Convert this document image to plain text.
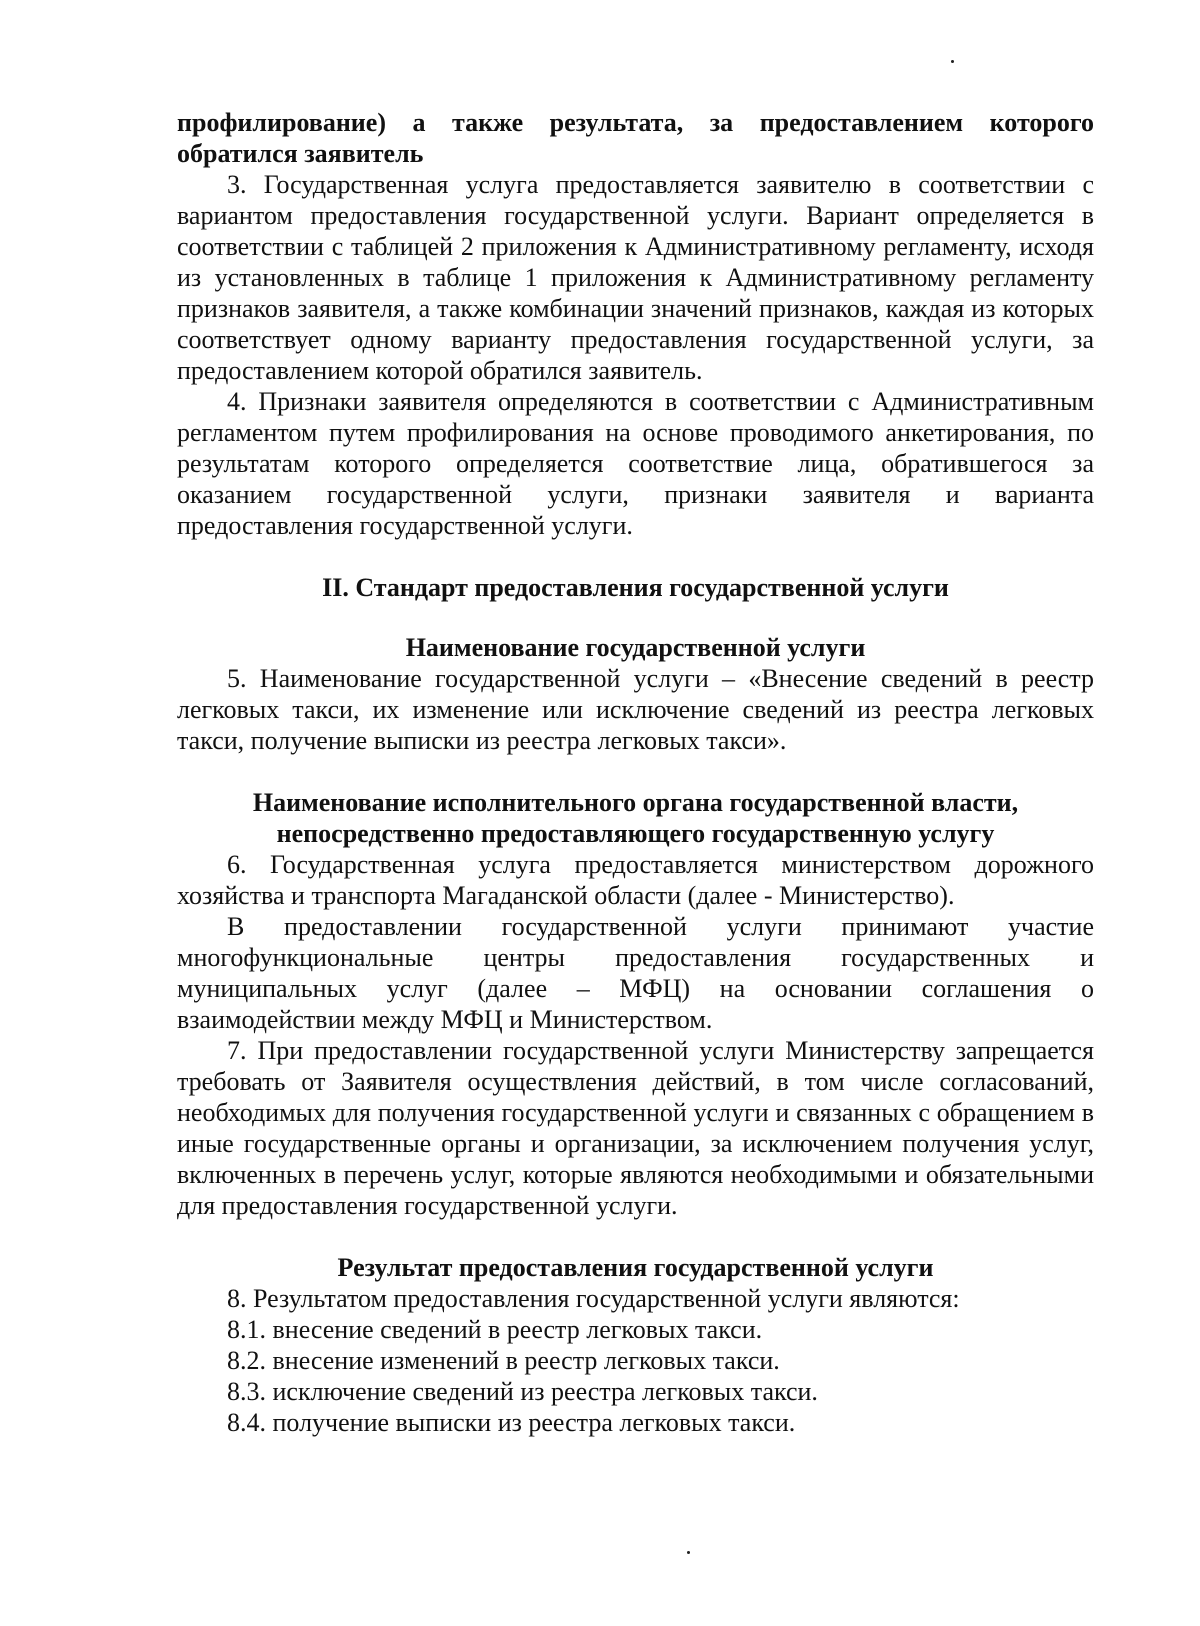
профилирование) а также результата, за предоставлением которого обратился заявитель

3. Государственная услуга предоставляется заявителю в соответствии с вариантом предоставления государственной услуги. Вариант определяется в соответствии с таблицей 2 приложения к Административному регламенту, исходя из установленных в таблице 1 приложения к Административному регламенту признаков заявителя, а также комбинации значений признаков, каждая из которых соответствует одному варианту предоставления государственной услуги, за предоставлением которой обратился заявитель.

4. Признаки заявителя определяются в соответствии с Административным регламентом путем профилирования на основе проводимого анкетирования, по результатам которого определяется соответствие лица, обратившегося за оказанием государственной услуги, признаки заявителя и варианта предоставления государственной услуги.

II. Стандарт предоставления государственной услуги

Наименование государственной услуги

5. Наименование государственной услуги – «Внесение сведений в реестр легковых такси, их изменение или исключение сведений из реестра легковых такси, получение выписки из реестра легковых такси».

Наименование исполнительного органа государственной власти,

непосредственно предоставляющего государственную услугу

6. Государственная услуга предоставляется министерством дорожного хозяйства и транспорта Магаданской области (далее - Министерство).

В предоставлении государственной услуги принимают участие многофункциональные центры предоставления государственных и муниципальных услуг (далее – МФЦ) на основании соглашения о взаимодействии между МФЦ и Министерством.

7. При предоставлении государственной услуги Министерству запрещается требовать от Заявителя осуществления действий, в том числе согласований, необходимых для получения государственной услуги и связанных с обращением в иные государственные органы и организации, за исключением получения услуг, включенных в перечень услуг, которые являются необходимыми и обязательными для предоставления государственной услуги.

Результат предоставления государственной услуги

8. Результатом предоставления государственной услуги являются:

8.1. внесение сведений в реестр легковых такси.

8.2. внесение изменений в реестр легковых такси.

8.3. исключение сведений из реестра легковых такси.

8.4. получение выписки из реестра легковых такси.
